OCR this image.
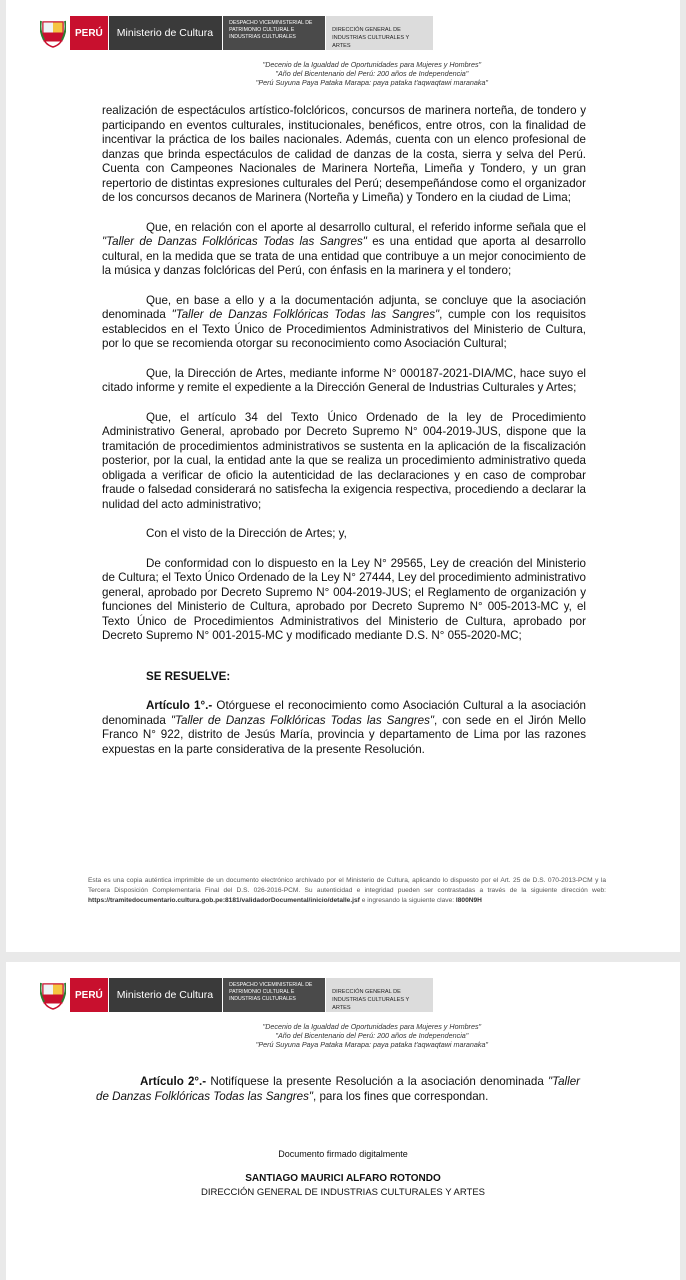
PERÚ	Ministerio de Cultura
DESPACHO VICEMINISTERIAL DE PATRIMONIO CULTURAL E INDUSTRIAS CULTURALES
DIRECCIÓN GENERAL DE INDUSTRIAS CULTURALES Y ARTES
"Decenio de la Igualdad de Oportunidades para Mujeres y Hombres"
"Año del Bicentenario del Perú: 200 años de Independencia"
"Perú Suyuna Paya Pataka Marapa: paya pataka t'aqwaqtawi maranaka"

realización de espectáculos artístico-folclóricos, concursos de marinera norteña, de tondero y participando en eventos culturales, institucionales, benéficos, entre otros, con la finalidad de incentivar la práctica de los bailes nacionales. Además, cuenta con un elenco profesional de danzas que brinda espectáculos de calidad de danzas de la costa, sierra y selva del Perú. Cuenta con Campeones Nacionales de Marinera Norteña, Limeña y Tondero, y un gran repertorio de distintas expresiones culturales del Perú; desempeñándose como el organizador de los concursos decanos de Marinera (Norteña y Limeña) y Tondero en la ciudad de Lima;

Que, en relación con el aporte al desarrollo cultural, el referido informe señala que el "Taller de Danzas Folklóricas Todas las Sangres" es una entidad que aporta al desarrollo cultural, en la medida que se trata de una entidad que contribuye a un mejor conocimiento de la música y danzas folclóricas del Perú, con énfasis en la marinera y el tondero;

Que, en base a ello y a la documentación adjunta, se concluye que la asociación denominada "Taller de Danzas Folklóricas Todas las Sangres", cumple con los requisitos establecidos en el Texto Único de Procedimientos Administrativos del Ministerio de Cultura, por lo que se recomienda otorgar su reconocimiento como Asociación Cultural;

Que, la Dirección de Artes, mediante informe N° 000187-2021-DIA/MC, hace suyo el citado informe y remite el expediente a la Dirección General de Industrias Culturales y Artes;

Que, el artículo 34 del Texto Único Ordenado de la ley de Procedimiento Administrativo General, aprobado por Decreto Supremo N° 004-2019-JUS, dispone que la tramitación de procedimientos administrativos se sustenta en la aplicación de la fiscalización posterior, por la cual, la entidad ante la que se realiza un procedimiento administrativo queda obligada a verificar de oficio la autenticidad de las declaraciones y en caso de comprobar fraude o falsedad considerará no satisfecha la exigencia respectiva, procediendo a declarar la nulidad del acto administrativo;

Con el visto de la Dirección de Artes; y,

De conformidad con lo dispuesto en la Ley N° 29565, Ley de creación del Ministerio de Cultura; el Texto Único Ordenado de la Ley N° 27444, Ley del procedimiento administrativo general, aprobado por Decreto Supremo N° 004-2019-JUS; el Reglamento de organización y funciones del Ministerio de Cultura, aprobado por Decreto Supremo N° 005-2013-MC y, el Texto Único de Procedimientos Administrativos del Ministerio de Cultura, aprobado por Decreto Supremo N° 001-2015-MC y modificado mediante D.S. N° 055-2020-MC;

SE RESUELVE:

Artículo 1°.- Otórguese el reconocimiento como Asociación Cultural a la asociación denominada "Taller de Danzas Folklóricas Todas las Sangres", con sede en el Jirón Mello Franco N° 922, distrito de Jesús María, provincia y departamento de Lima por las razones expuestas en la parte considerativa de la presente Resolución.

Esta es una copia auténtica imprimible de un documento electrónico archivado por el Ministerio de Cultura, aplicando lo dispuesto por el Art. 25 de D.S. 070-2013-PCM y la Tercera Disposición Complementaria Final del D.S. 026-2016-PCM. Su autenticidad e integridad pueden ser contrastadas a través de la siguiente dirección web: https://tramitedocumentario.cultura.gob.pe:8181/validadorDocumental/inicio/detalle.jsf e ingresando la siguiente clave: I800N9H
PERÚ	Ministerio de Cultura
DESPACHO VICEMINISTERIAL DE PATRIMONIO CULTURAL E INDUSTRIAS CULTURALES
DIRECCIÓN GENERAL DE INDUSTRIAS CULTURALES Y ARTES
"Decenio de la Igualdad de Oportunidades para Mujeres y Hombres"
"Año del Bicentenario del Perú: 200 años de Independencia"
"Perú Suyuna Paya Pataka Marapa: paya pataka t'aqwaqtawi maranaka"
Documento firmado digitalmente
SANTIAGO MAURICI ALFARO ROTONDO
DIRECCIÓN GENERAL DE INDUSTRIAS CULTURALES Y ARTES

Artículo 2°.- Notifíquese la presente Resolución a la asociación denominada "Taller de Danzas Folklóricas Todas las Sangres", para los fines que correspondan.
